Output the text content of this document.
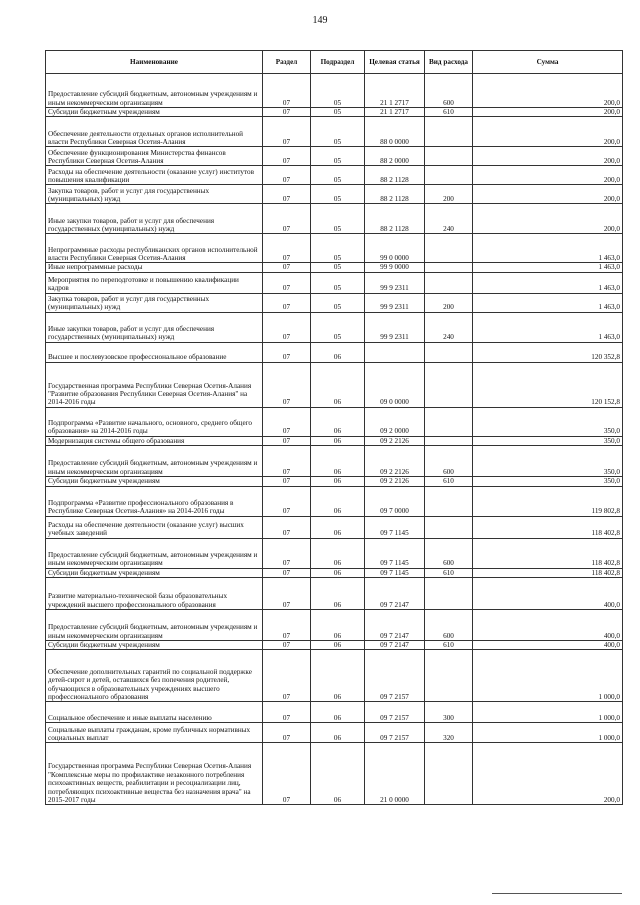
149
Наименование	Раздел	Подраздел	Целевая статья	Вид расхода	Сумма
Предоставление субсидий бюджетным, автономным учреждениям и иным некоммерческим организациям	07	05	21 1 2717	600	200,0
Субсидии бюджетным учреждениям	07	05	21 1 2717	610	200,0
Обеспечение деятельности отдельных органов исполнительной власти Республики Северная Осетия-Алания	07	05	88 0 0000		200,0
Обеспечение функционирования Министерства финансов Республики Северная Осетия-Алания	07	05	88 2 0000		200,0
Расходы на обеспечение деятельности (оказание услуг) институтов повышения квалификации	07	05	88 2 1128		200,0
Закупка товаров, работ и услуг для государственных (муниципальных) нужд	07	05	88 2 1128	200	200,0
Иные закупки товаров, работ и услуг для обеспечения государственных (муниципальных) нужд	07	05	88 2 1128	240	200,0
Непрограммные расходы республиканских органов исполнительной власти Республики Северная Осетия-Алания	07	05	99 0 0000		1 463,0
Иные непрограммные расходы	07	05	99 9 0000		1 463,0
Мероприятия по переподготовке и повышению квалификации кадров	07	05	99 9 2311		1 463,0
Закупка товаров, работ и услуг для государственных (муниципальных) нужд	07	05	99 9 2311	200	1 463,0
Иные закупки товаров, работ и услуг для обеспечения государственных (муниципальных) нужд	07	05	99 9 2311	240	1 463,0
Высшее и послевузовское профессиональное образование	07	06			120 352,8
Государственная программа Республики Северная Осетия-Алания "Развитие образования Республики Северная Осетия-Алания" на 2014-2016 годы	07	06	09 0 0000		120 152,8
Подпрограмма «Развитие начального, основного, среднего общего образования» на 2014-2016 годы	07	06	09 2 0000		350,0
Модернизация системы общего образования	07	06	09 2 2126		350,0
Предоставление субсидий бюджетным, автономным учреждениям и иным некоммерческим организациям	07	06	09 2 2126	600	350,0
Субсидии бюджетным учреждениям	07	06	09 2 2126	610	350,0
Подпрограмма «Развитие профессионального образования в Республике Северная Осетия-Алания» на 2014-2016 годы	07	06	09 7 0000		119 802,8
Расходы на обеспечение деятельности (оказание услуг) высших учебных заведений	07	06	09 7 1145		118 402,8
Предоставление субсидий бюджетным, автономным учреждениям и иным некоммерческим организациям	07	06	09 7 1145	600	118 402,8
Субсидии бюджетным учреждениям	07	06	09 7 1145	610	118 402,8
Развитие материально-технической базы образовательных учреждений высшего профессионального образования	07	06	09 7 2147		400,0
Предоставление субсидий бюджетным, автономным учреждениям и иным некоммерческим организациям	07	06	09 7 2147	600	400,0
Субсидии бюджетным учреждениям	07	06	09 7 2147	610	400,0
Обеспечение дополнительных гарантий по социальной поддержке детей-сирот и детей, оставшихся без попечения родителей, обучающихся в образовательных учреждениях высшего профессионального образования	07	06	09 7 2157		1 000,0
Социальное обеспечение и иные выплаты населению	07	06	09 7 2157	300	1 000,0
Социальные выплаты гражданам, кроме публичных нормативных социальных выплат	07	06	09 7 2157	320	1 000,0
Государственная программа Республики Северная Осетия-Алания "Комплексные меры по профилактике незаконного потребления психоактивных веществ, реабилитации и ресоциализации лиц, потребляющих психоактивные вещества без назначения врача" на 2015-2017 годы	07	06	21 0 0000		200,0
